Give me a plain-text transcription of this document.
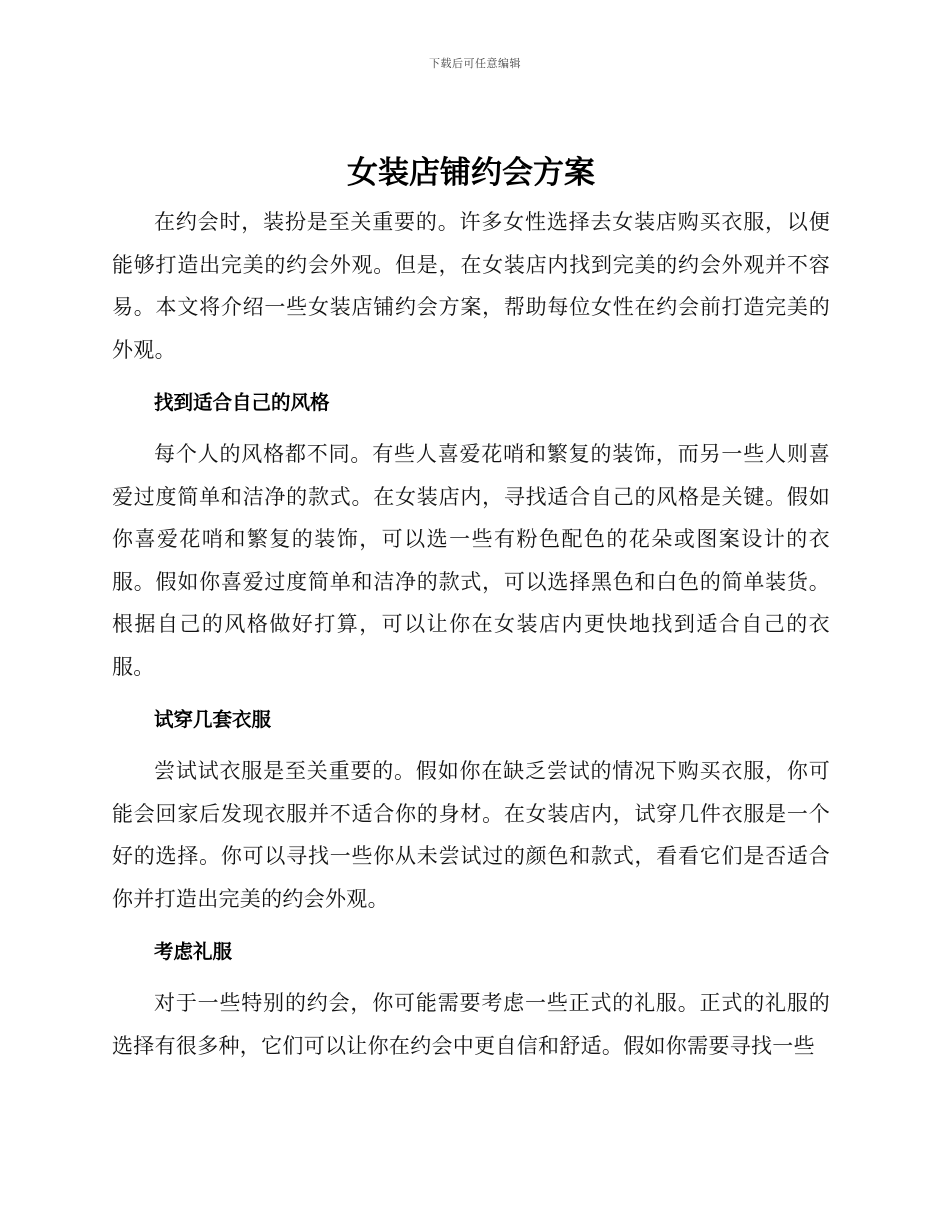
下载后可任意编辑
女装店铺约会方案

在约会时，装扮是至关重要的。许多女性选择去女装店购买衣服，以便能够打造出完美的约会外观。但是，在女装店内找到完美的约会外观并不容易。本文将介绍一些女装店铺约会方案，帮助每位女性在约会前打造完美的外观。

找到适合自己的风格

每个人的风格都不同。有些人喜爱花哨和繁复的装饰，而另一些人则喜爱过度简单和洁净的款式。在女装店内，寻找适合自己的风格是关键。假如你喜爱花哨和繁复的装饰，可以选一些有粉色配色的花朵或图案设计的衣服。假如你喜爱过度简单和洁净的款式，可以选择黑色和白色的简单装货。根据自己的风格做好打算，可以让你在女装店内更快地找到适合自己的衣服。

试穿几套衣服

尝试试衣服是至关重要的。假如你在缺乏尝试的情况下购买衣服，你可能会回家后发现衣服并不适合你的身材。在女装店内，试穿几件衣服是一个好的选择。你可以寻找一些你从未尝试过的颜色和款式，看看它们是否适合你并打造出完美的约会外观。

考虑礼服

对于一些特别的约会，你可能需要考虑一些正式的礼服。正式的礼服的选择有很多种，它们可以让你在约会中更自信和舒适。假如你需要寻找一些
